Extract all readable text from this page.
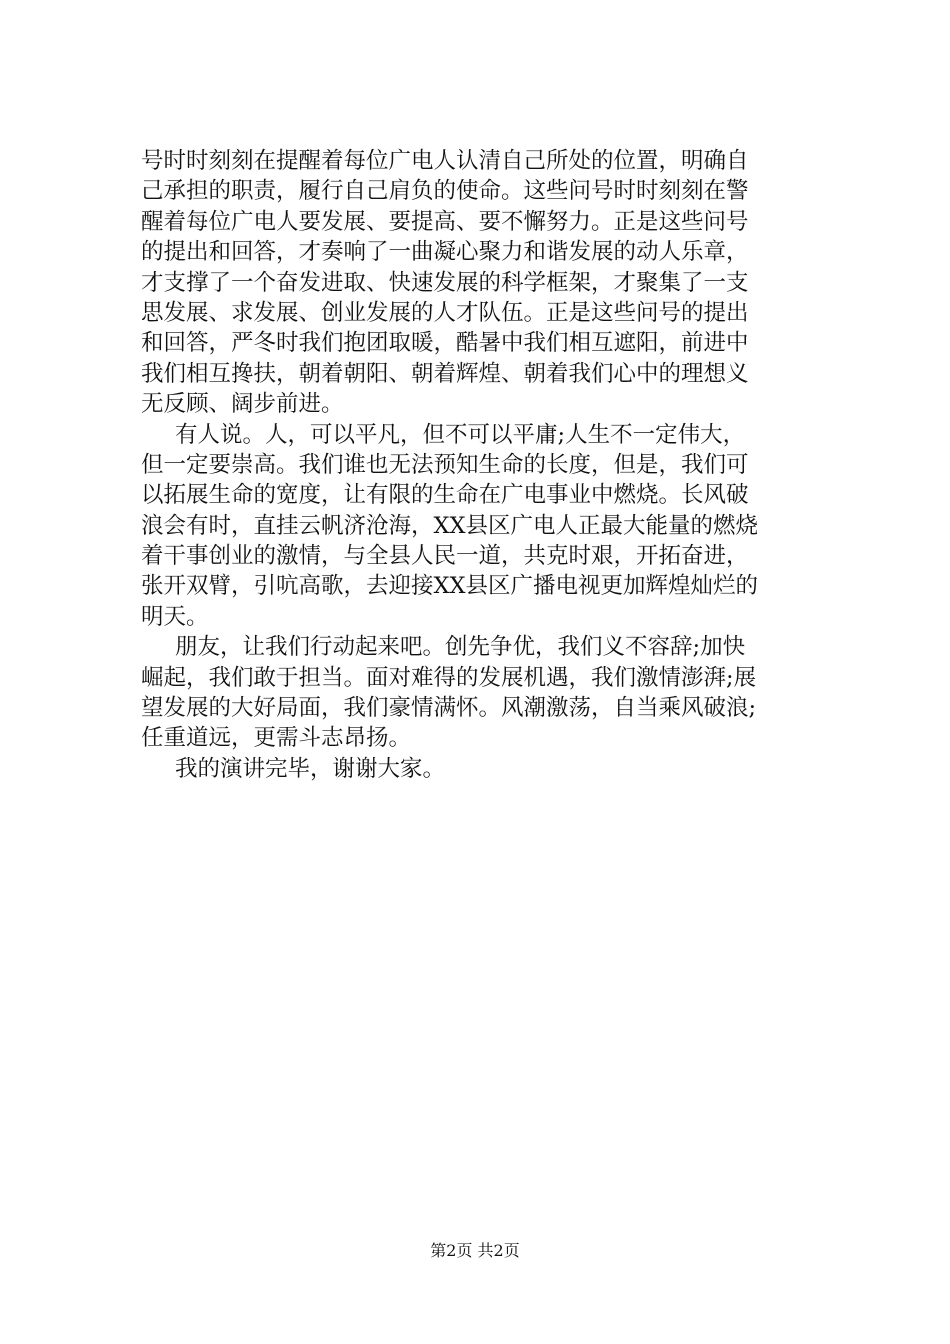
号时时刻刻在提醒着每位广电人认清自己所处的位置，明确自
己承担的职责，履行自己肩负的使命。这些问号时时刻刻在警
醒着每位广电人要发展、要提高、要不懈努力。正是这些问号
的提出和回答，才奏响了一曲凝心聚力和谐发展的动人乐章，
才支撑了一个奋发进取、快速发展的科学框架，才聚集了一支
思发展、求发展、创业发展的人才队伍。正是这些问号的提出
和回答，严冬时我们抱团取暖，酷暑中我们相互遮阳，前进中
我们相互搀扶，朝着朝阳、朝着辉煌、朝着我们心中的理想义
无反顾、阔步前进。
有人说。人，可以平凡，但不可以平庸;人生不一定伟大，
但一定要崇高。我们谁也无法预知生命的长度，但是，我们可
以拓展生命的宽度，让有限的生命在广电事业中燃烧。长风破
浪会有时，直挂云帆济沧海，XX县区广电人正最大能量的燃烧
着干事创业的激情，与全县人民一道，共克时艰，开拓奋进，
张开双臂，引吭高歌，去迎接XX县区广播电视更加辉煌灿烂的
明天。
朋友，让我们行动起来吧。创先争优，我们义不容辞;加快
崛起，我们敢于担当。面对难得的发展机遇，我们激情澎湃;展
望发展的大好局面，我们豪情满怀。风潮激荡，自当乘风破浪;
任重道远，更需斗志昂扬。
我的演讲完毕，谢谢大家。
第2页 共2页
